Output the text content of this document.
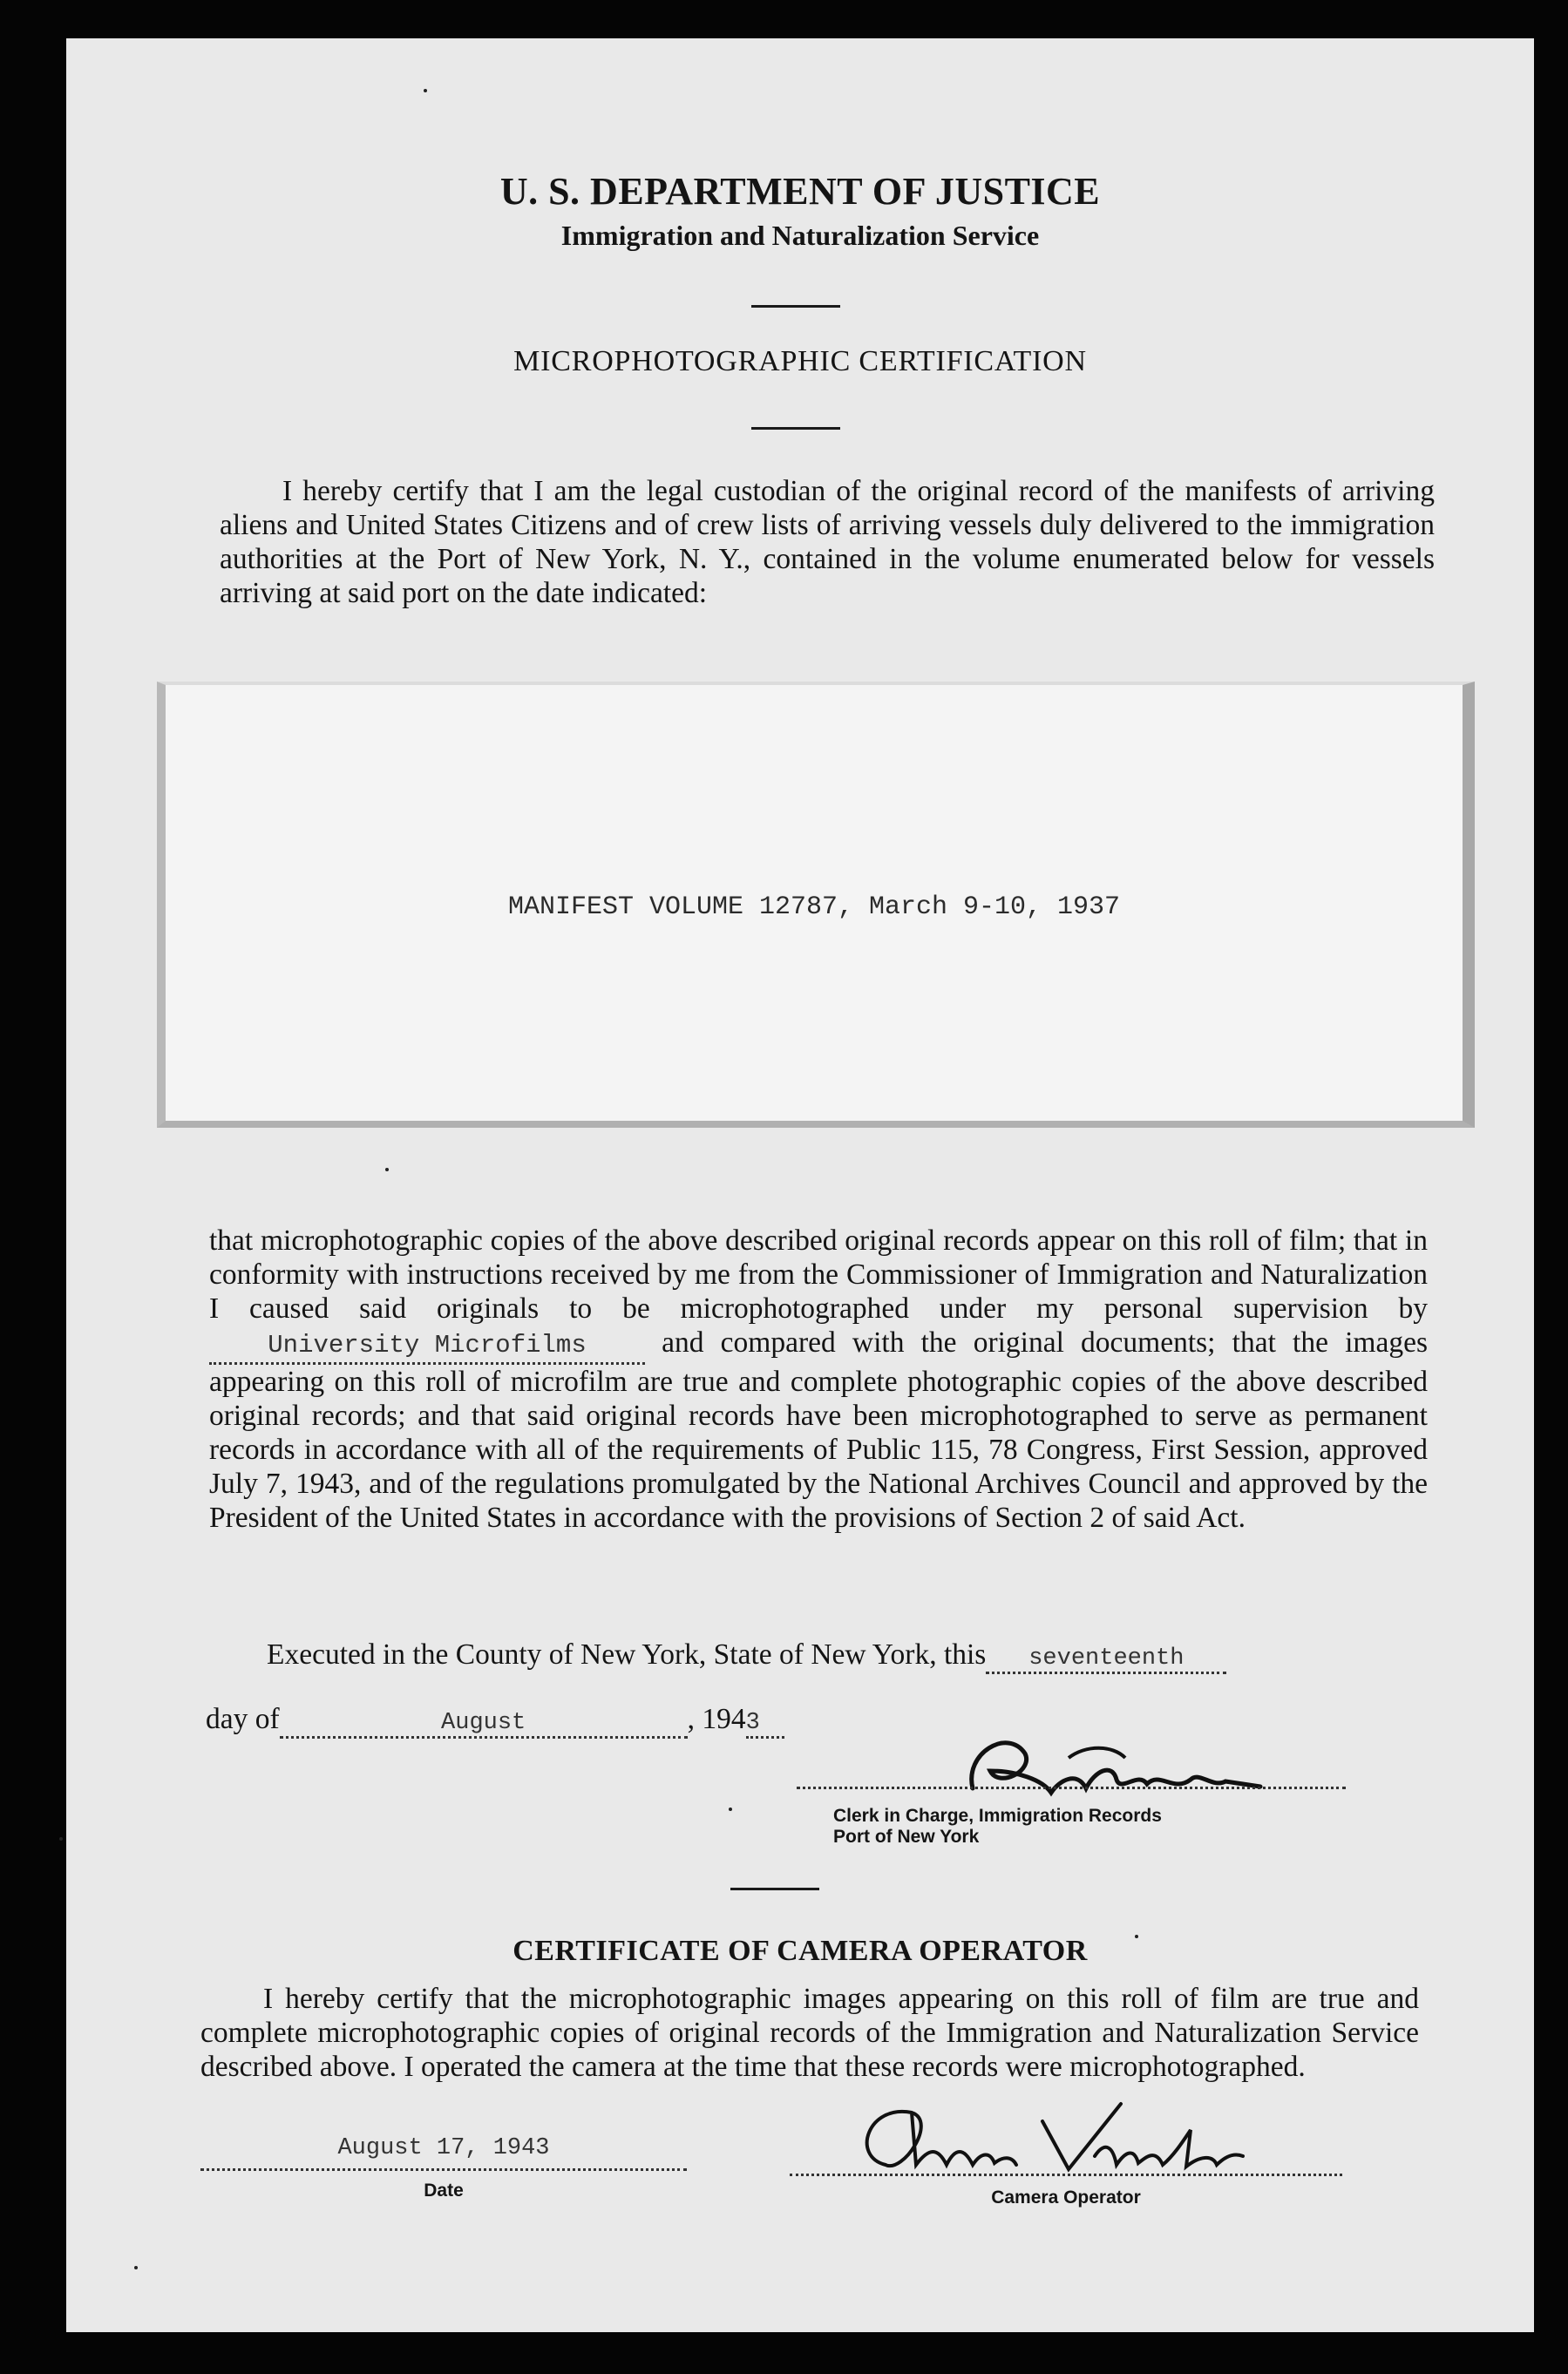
U. S. DEPARTMENT OF JUSTICE
Immigration and Naturalization Service
MICROPHOTOGRAPHIC CERTIFICATION

I hereby certify that I am the legal custodian of the original record of the manifests of arriving aliens and United States Citizens and of crew lists of arriving vessels duly delivered to the immigration authorities at the Port of New York, N. Y., contained in the volume enumerated below for vessels arriving at said port on the date indicated:

MANIFEST VOLUME 12787, March 9-10, 1937
that microphotographic copies of the above described original records appear on this roll of film; that in conformity with instructions received by me from the Commissioner of Immigration and Naturalization I caused said originals to be microphotographed under my personal supervision by University Microfilms	and compared with the original documents; that the images appearing on this roll of microfilm are true and complete photographic copies of the above described original records; and that said original records have been microphotographed to serve as permanent records in accordance with all of the requirements of Public 115, 78 Congress, First Session, approved July 7, 1943, and of the regulations promulgated by the National Archives Council and approved by the President of the United States in accordance with the provisions of Section 2 of said Act.
Executed in the County of New York, State of New York, this seventeenth
day of	August	, 1943
Clerk in Charge, Immigration Records
Port of New York
CERTIFICATE OF CAMERA OPERATOR

I hereby certify that the microphotographic images appearing on this roll of film are true and complete microphotographic copies of original records of the Immigration and Naturalization Service described above. I operated the camera at the time that these records were microphotographed.

August 17, 1943
Date	Camera Operator
